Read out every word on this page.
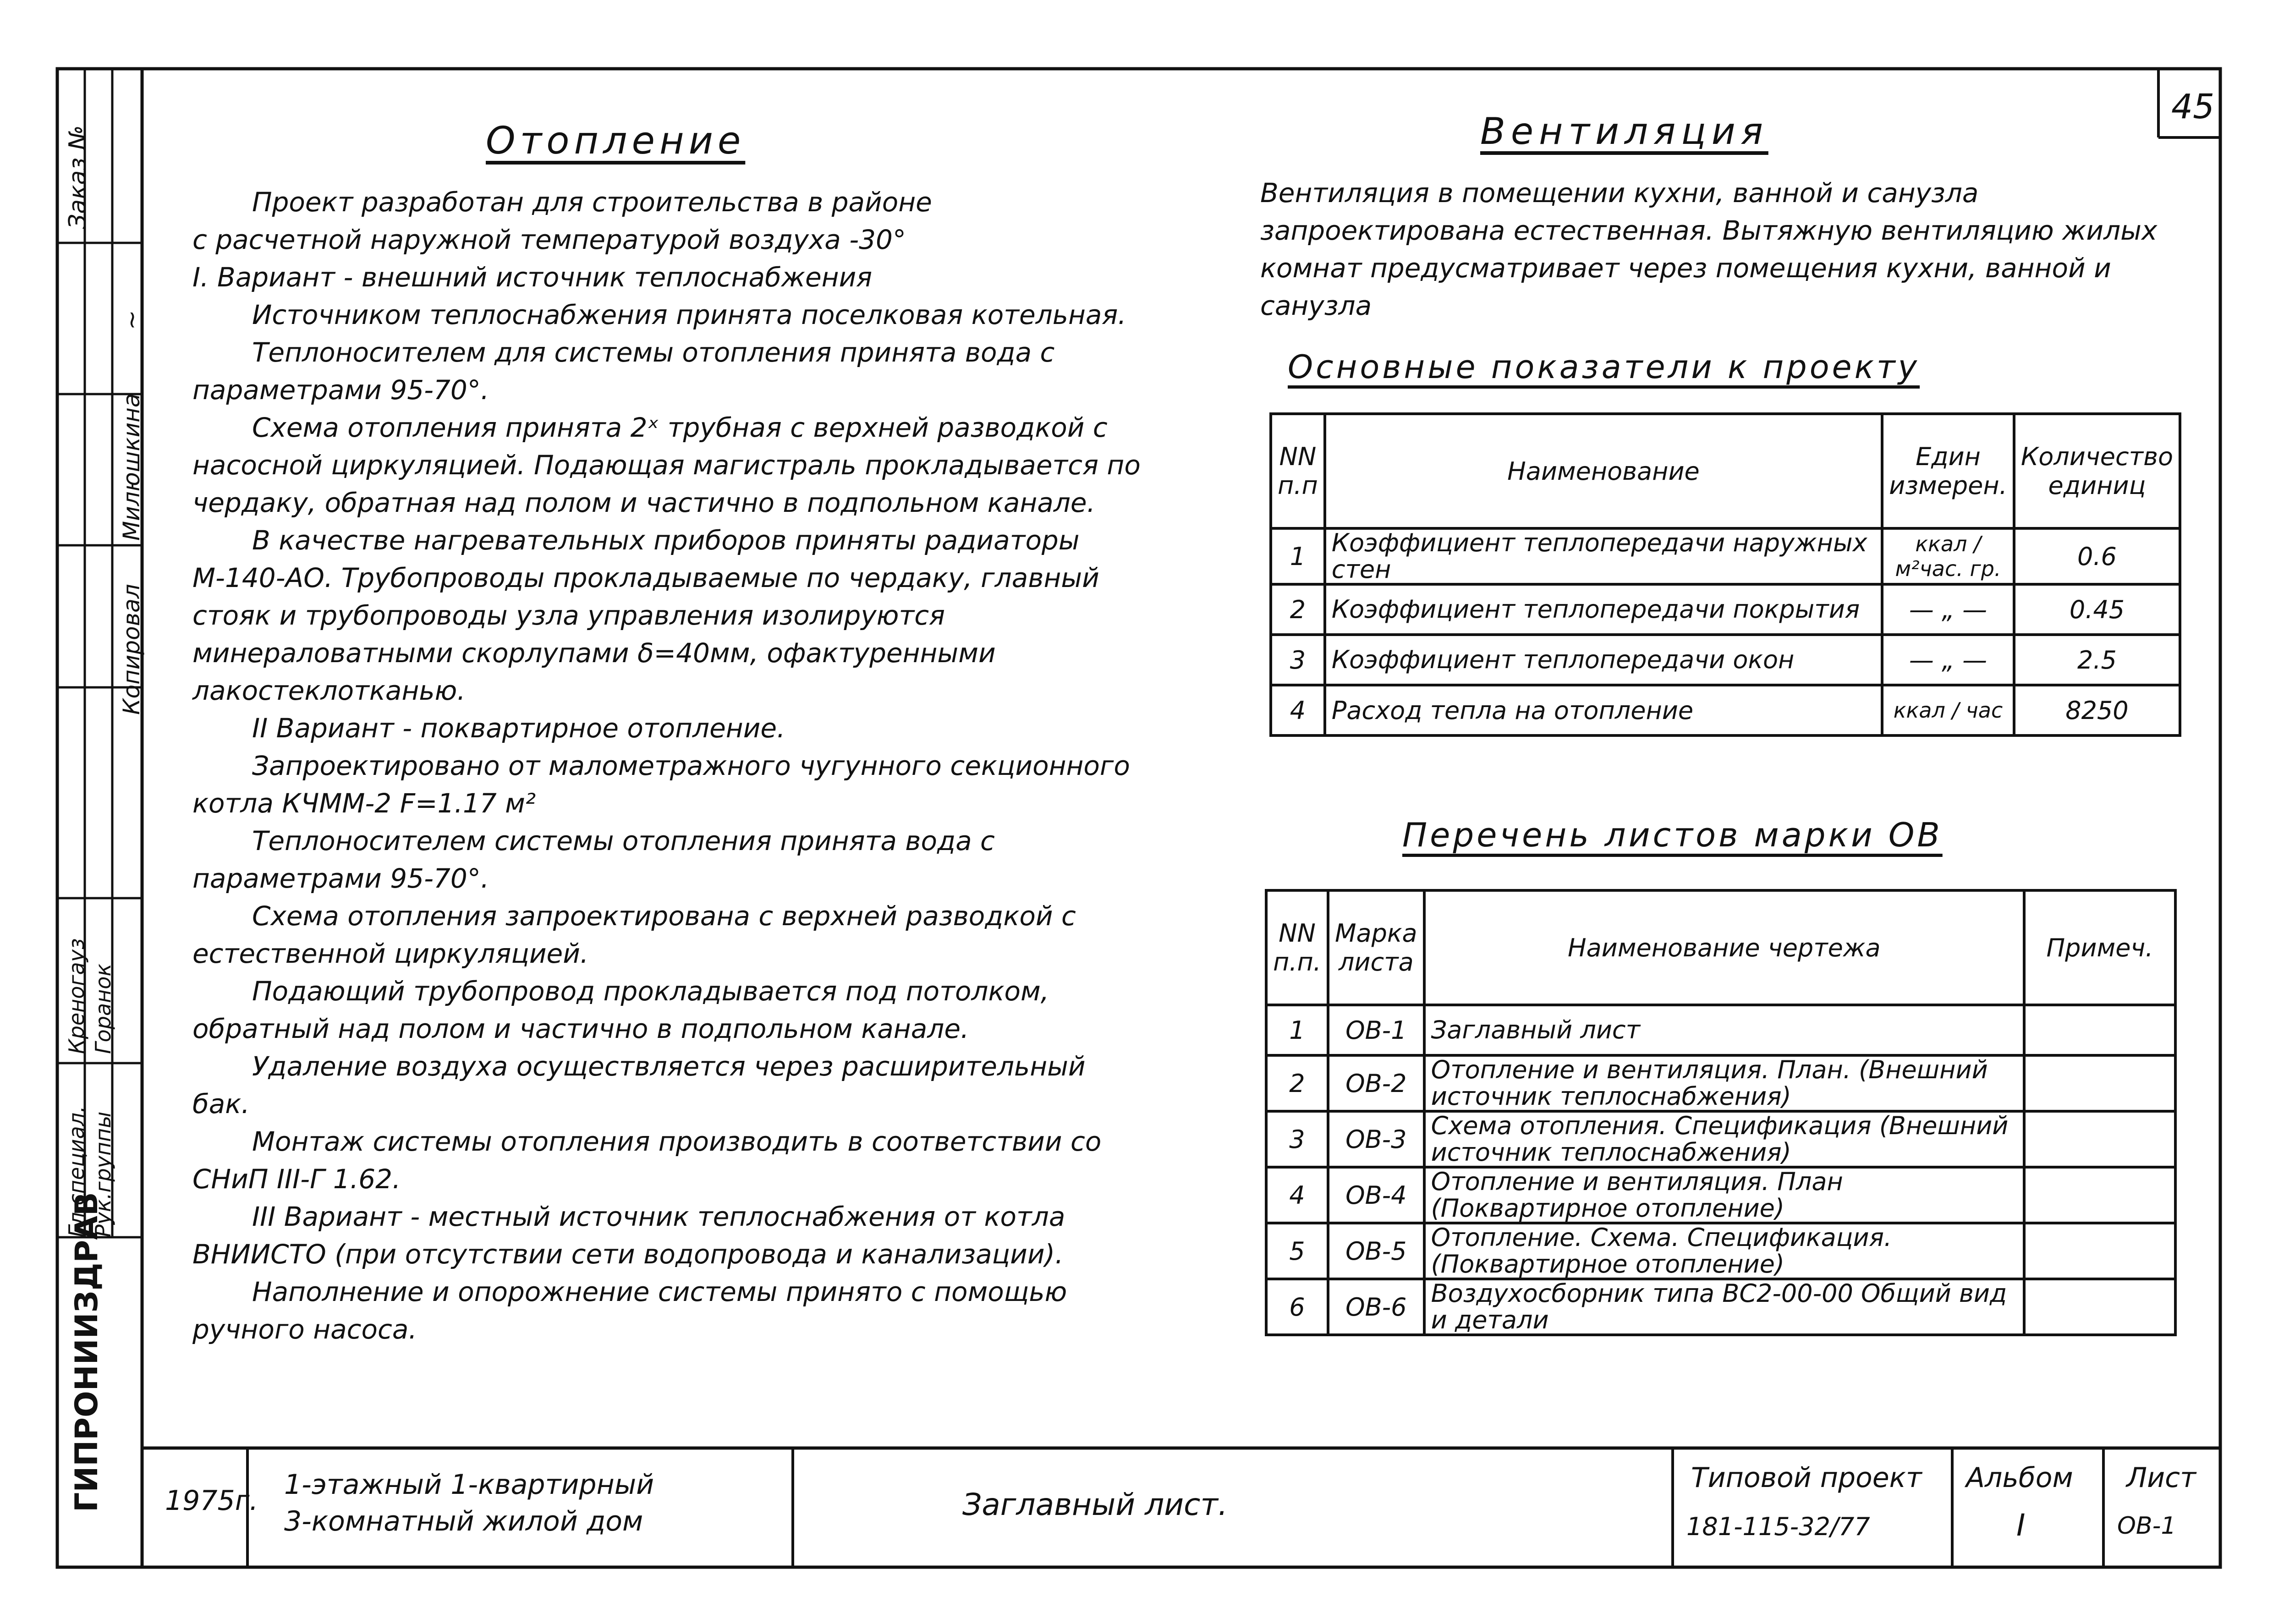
Заказ №
~
Милюшкина
Копировал
Гл.специал. Рук.группы
Креногауз Горанок
ГИПРОНИИЗДРАВ
45
Отопление
Проект разработан для строительства в районе
с расчетной наружной температурой воздуха -30°
I. Вариант - внешний источник теплоснабжения
Источником теплоснабжения принята поселковая котельная.
Теплоносителем для системы отопления принята вода с параметрами 95-70°.
Схема отопления принята 2ˣ трубная с верхней разводкой с насосной циркуляцией. Подающая магистраль прокладывается по чердаку, обратная над полом и частично в подпольном канале.
В качестве нагревательных приборов приняты радиаторы М-140-АО. Трубопроводы прокладываемые по чердаку, главный стояк и трубопроводы узла управления изолируются минераловатными скорлупами δ=40мм, офактуренными лакостеклотканью.
II Вариант - поквартирное отопление.
Запроектировано от малометражного чугунного секционного котла КЧММ-2 F=1.17 м²
Теплоносителем системы отопления принята вода с параметрами 95-70°.
Схема отопления запроектирована с верхней разводкой с естественной циркуляцией.
Подающий трубопровод прокладывается под потолком, обратный над полом и частично в подпольном канале.
Удаление воздуха осуществляется через расширительный бак.
Монтаж системы отопления производить в соответствии со СНиП III-Г 1.62.
III Вариант - местный источник теплоснабжения от котла ВНИИСТО (при отсутствии сети водопровода и канализации).
Наполнение и опорожнение системы принято с помощью ручного насоса.
Вентиляция
Вентиляция в помещении кухни, ванной и санузла запроектирована естественная. Вытяжную вентиляцию жилых комнат предусматривает через помещения кухни, ванной и санузла
Основные показатели к проекту
NN п.п	Наименование	Един измерен.	Количество единиц
1	Коэффициент теплопередачи наружных стен	ккал / м²час. гр.	0.6
2	Коэффициент теплопередачи покрытия	— „ —	0.45
3	Коэффициент теплопередачи окон	— „ —	2.5
4	Расход тепла на отопление	ккал / час	8250
Перечень листов марки ОВ
NN п.п.	Марка листа	Наименование чертежа	Примеч.
1	ОВ-1	Заглавный лист	
2	ОВ-2	Отопление и вентиляция. План. (Внешний источник теплоснабжения)	
3	ОВ-3	Схема отопления. Спецификация (Внешний источник теплоснабжения)	
4	ОВ-4	Отопление и вентиляция. План (Поквартирное отопление)	
5	ОВ-5	Отопление. Схема. Спецификация. (Поквартирное отопление)	
6	ОВ-6	Воздухосборник типа ВС2-00-00 Общий вид и детали	
1975г. 1-этажный 1-квартирный
3-комнатный жилой дом	Заглавный лист.
Типовой проект
181-115-32/77
Альбом
I
Лист
ОВ-1
